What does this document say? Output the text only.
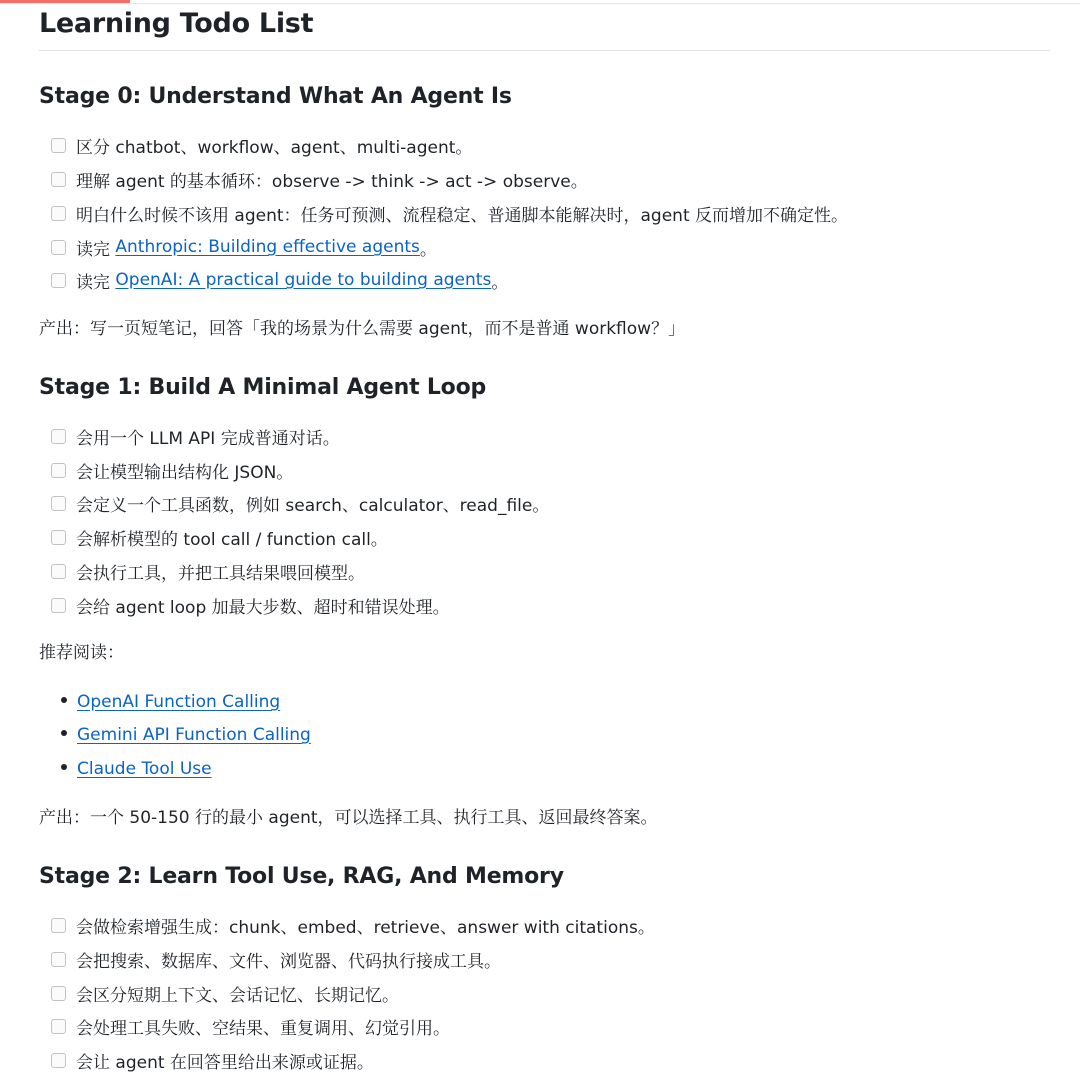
Learning Todo List
Stage 0: Understand What An Agent Is
区分 chatbot、workflow、agent、multi-agent。
理解 agent 的基本循环：observe -> think -> act -> observe。
明白什么时候不该用 agent：任务可预测、流程稳定、普通脚本能解决时，agent 反而增加不确定性。
读完 Anthropic: Building effective agents 。
读完 OpenAI: A practical guide to building agents 。
产出：写一页短笔记，回答「我的场景为什么需要 agent，而不是普通 workflow？」
Stage 1: Build A Minimal Agent Loop
会用一个 LLM API 完成普通对话。
会让模型输出结构化 JSON。
会定义一个工具函数，例如 search、calculator、read_file。
会解析模型的 tool call / function call。
会执行工具，并把工具结果喂回模型。
会给 agent loop 加最大步数、超时和错误处理。
推荐阅读：
OpenAI Function Calling
Gemini API Function Calling
Claude Tool Use
产出：一个 50-150 行的最小 agent，可以选择工具、执行工具、返回最终答案。
Stage 2: Learn Tool Use, RAG, And Memory
会做检索增强生成：chunk、embed、retrieve、answer with citations。
会把搜索、数据库、文件、浏览器、代码执行接成工具。
会区分短期上下文、会话记忆、长期记忆。
会处理工具失败、空结果、重复调用、幻觉引用。
会让 agent 在回答里给出来源或证据。
